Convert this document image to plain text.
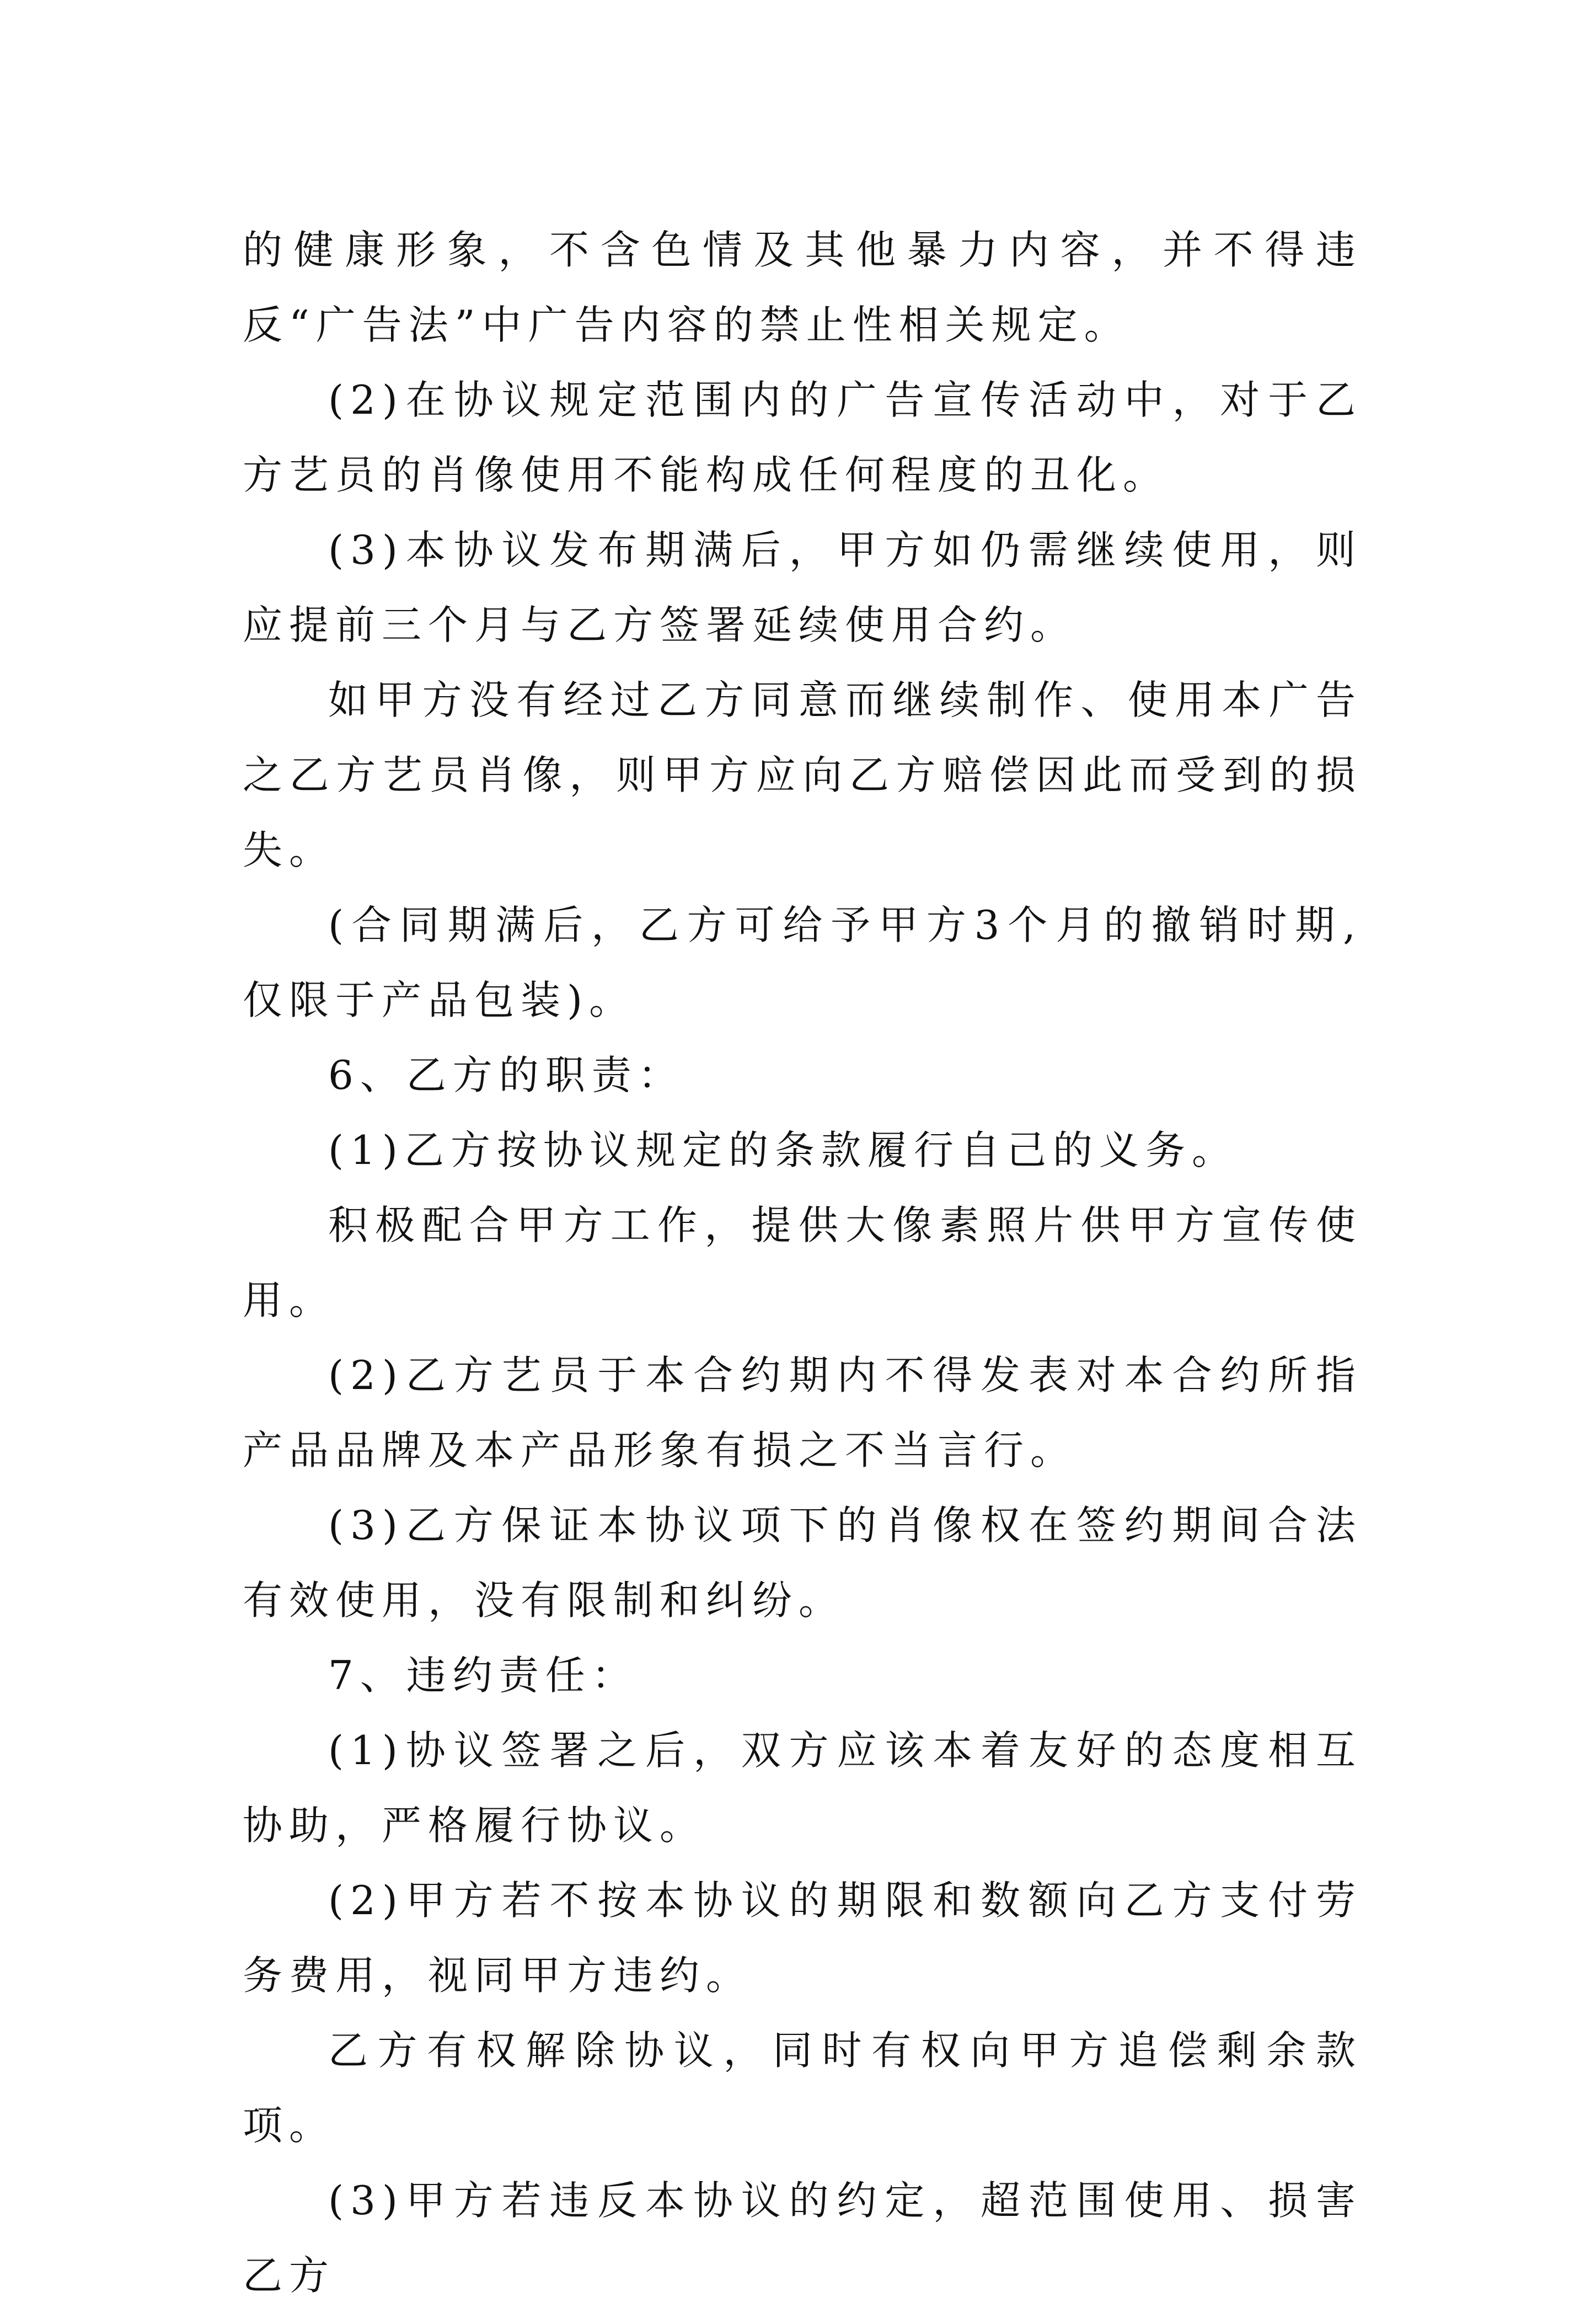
的健康形象，不含色情及其他暴力内容，并不得违反“广告法”中广告内容的禁止性相关规定。

(2)在协议规定范围内的广告宣传活动中，对于乙方艺员的肖像使用不能构成任何程度的丑化。

(3)本协议发布期满后，甲方如仍需继续使用，则应提前三个月与乙方签署延续使用合约。

如甲方没有经过乙方同意而继续制作、使用本广告之乙方艺员肖像，则甲方应向乙方赔偿因此而受到的损失。

(合同期满后，乙方可给予甲方3个月的撤销时期,仅限于产品包装)。

6、乙方的职责：

(1)乙方按协议规定的条款履行自己的义务。

积极配合甲方工作，提供大像素照片供甲方宣传使用。

(2)乙方艺员于本合约期内不得发表对本合约所指产品品牌及本产品形象有损之不当言行。

(3)乙方保证本协议项下的肖像权在签约期间合法有效使用，没有限制和纠纷。

7、违约责任：

(1)协议签署之后，双方应该本着友好的态度相互协助，严格履行协议。

(2)甲方若不按本协议的期限和数额向乙方支付劳务费用，视同甲方违约。

乙方有权解除协议，同时有权向甲方追偿剩余款项。

(3)甲方若违反本协议的约定，超范围使用、损害乙方
